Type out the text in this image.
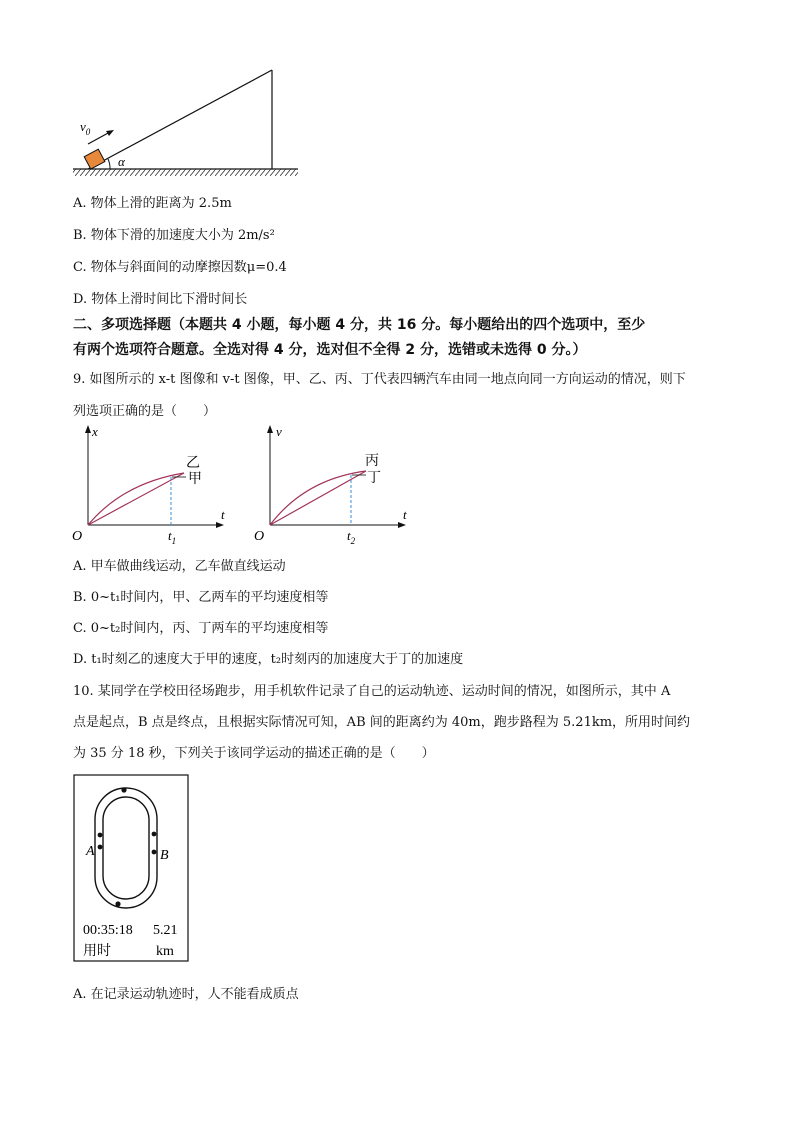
$v_0$
α
A. 物体上滑的距离为 2.5m
B. 物体下滑的加速度大小为 2m/s²
C. 物体与斜面间的动摩擦因数μ=0.4
D. 物体上滑时间比下滑时间长
二、多项选择题（本题共 4 小题，每小题 4 分，共 16 分。每小题给出的四个选项中，至少
有两个选项符合题意。全选对得 4 分，选对但不全得 2 分，选错或未选得 0 分。）
9. 如图所示的 x-t 图像和 v-t 图像，甲、乙、丙、丁代表四辆汽车由同一地点向同一方向运动的情况，则下
列选项正确的是（　　）
x
t
O	$t_1$
乙
甲
v
t
O	$t_2$
丙
丁
A. 甲车做曲线运动，乙车做直线运动
B. 0~t₁时间内，甲、乙两车的平均速度相等
C. 0~t₂时间内，丙、丁两车的平均速度相等
D. t₁时刻乙的速度大于甲的速度，t₂时刻丙的加速度大于丁的加速度
10. 某同学在学校田径场跑步，用手机软件记录了自己的运动轨迹、运动时间的情况，如图所示，其中 A
点是起点，B 点是终点，且根据实际情况可知，AB 间的距离约为 40m，跑步路程为 5.21km，所用时间约
为 35 分 18 秒，下列关于该同学运动的描述正确的是（　　）
A	B
00:35:18 5.21
用时	km
A. 在记录运动轨迹时，人不能看成质点
